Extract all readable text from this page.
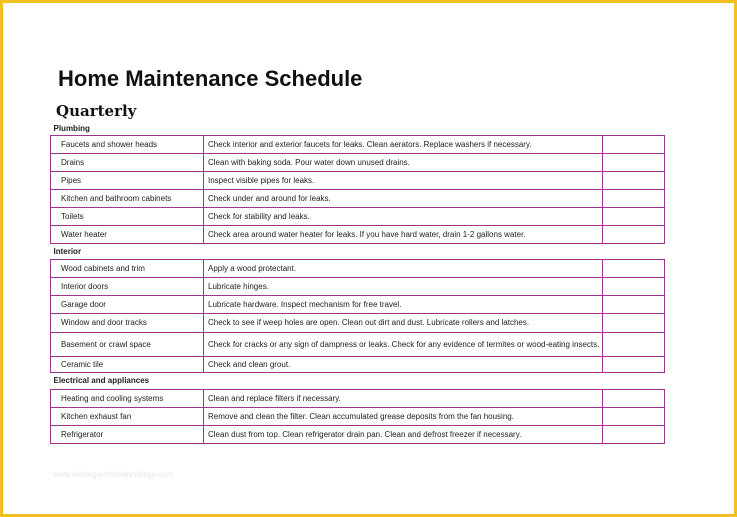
Home Maintenance Schedule
Quarterly
Plumbing		
Faucets and shower heads	Check interior and exterior faucets for leaks. Clean aerators. Replace washers if necessary.	
Drains	Clean with baking soda. Pour water down unused drains.	
Pipes	Inspect visible pipes for leaks.	
Kitchen and bathroom cabinets	Check under and around for leaks.	
Toilets	Check for stability and leaks.	
Water heater	Check area around water heater for leaks. If you have hard water, drain 1-2 gallons water.	
Interior		
Wood cabinets and trim	Apply a wood protectant.	
Interior doors	Lubricate hinges.	
Garage door	Lubricate hardware. Inspect mechanism for free travel.	
Window and door tracks	Check to see if weep holes are open. Clean out dirt and dust. Lubricate rollers and latches.	
Basement or crawl space	Check for cracks or any sign of dampness or leaks. Check for any evidence of termites or wood-eating insects.	
Ceramic tile	Check and clean grout.	
Electrical and appliances		
Heating and cooling systems	Clean and replace filters if necessary.	
Kitchen exhaust fan	Remove and clean the filter. Clean accumulated grease deposits from the fan housing.	
Refrigerator	Clean dust from top. Clean refrigerator drain pan. Clean and defrost freezer if necessary.	
www.heritagechristiancollege.com
